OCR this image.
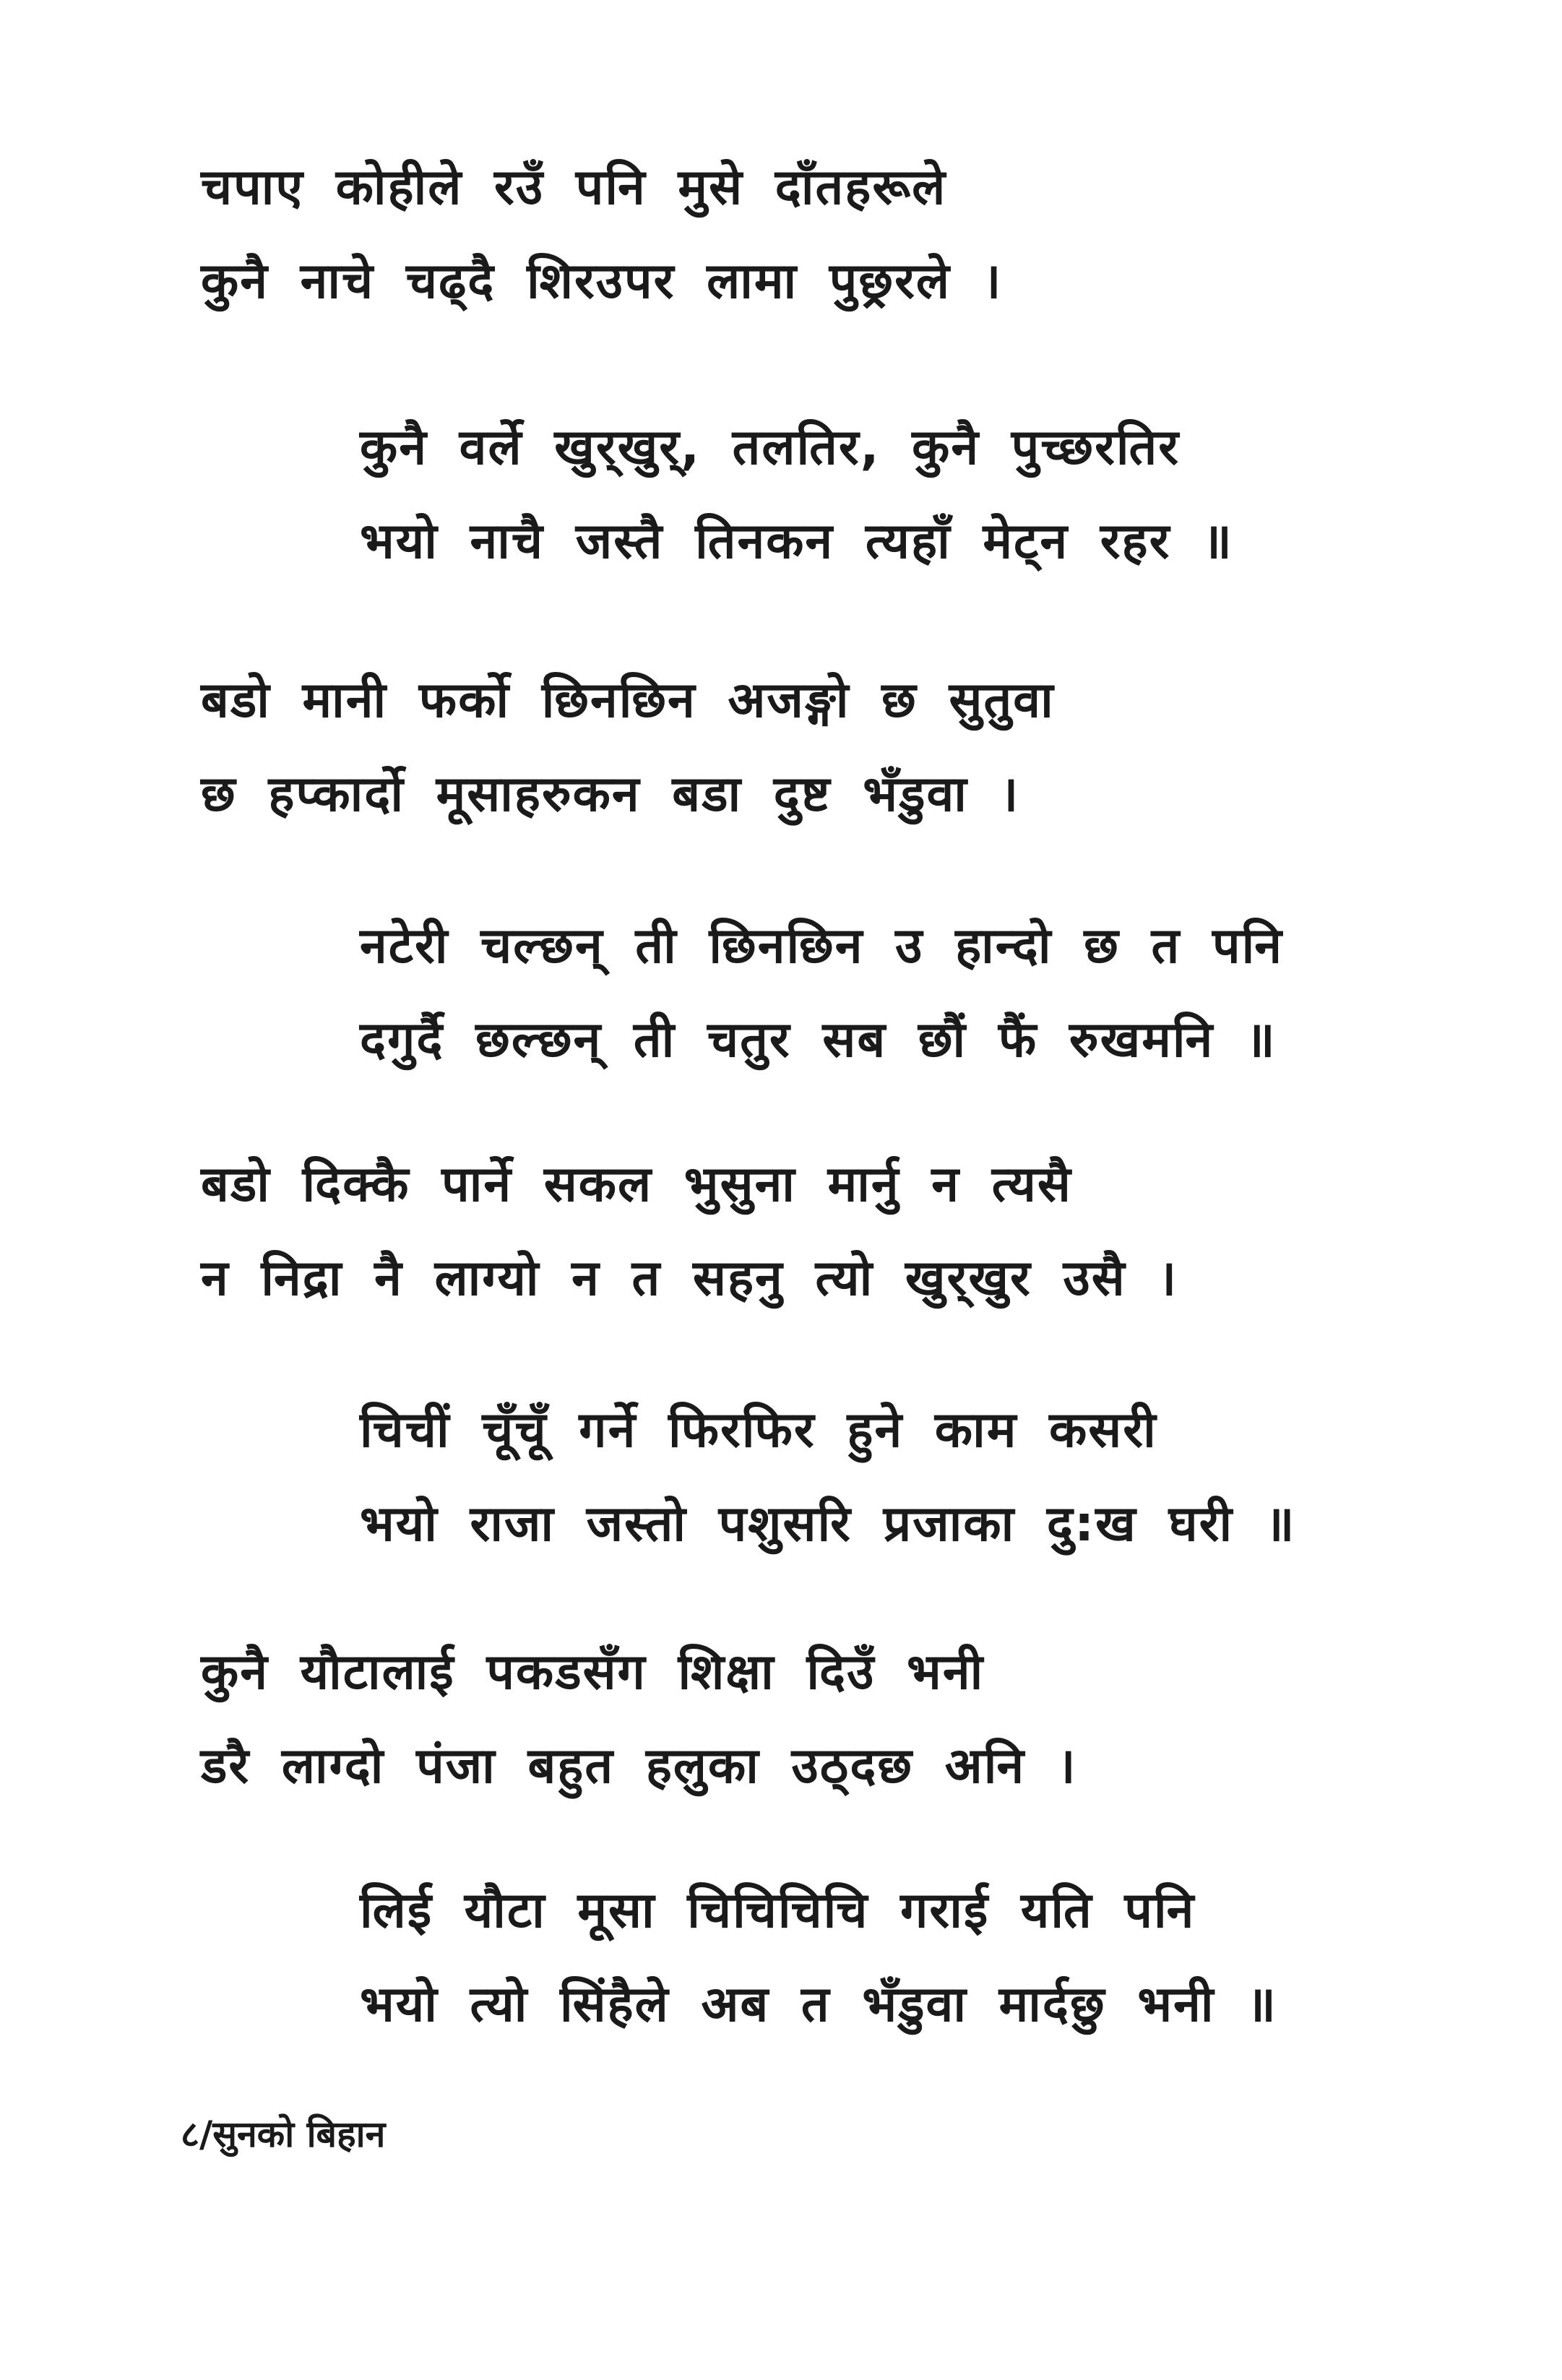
चपाए कोहीले रउँ पनि मुसे दाँतहरूले
कुनै नाचे चढ्दै शिरउपर लामा पुछ्ररले ।
कुनै वर्ले खुर्‌खुर्‌, तलतिर, कुनै पुच्छरतिर
भयो नाचै जस्तै तिनकन त्यहाँ मेट्‌न रहर ॥
बडो मानी फर्को छिनछिन अजङ्गो छ सुतुवा
छ हप्कार्दो मूसाहरुकन बडा दुष्ट भँडुवा ।
नटेरी चल्छन्‌ ती छिनछिन उ हान्दो छ त पनि
दगुर्दै छल्छन्‌ ती चतुर सब छौं फैं रुखमनि ॥
बडो दिक्कै पार्ने सकल भुसुना मार्नु न त्यसै
न निद्रा नै लाग्यो न त सहनु त्यो खुर्‌खुर उसै ।
चिचीं चूँचूँ गर्ने फिरफिर हुने काम कसरी
भयो राजा जस्तो पशुसरि प्रजाका दु:ख घरी ॥
कुनै यौटालाई पकडसँग शिक्षा दिउँ भनी
डरै लाग्दो पंजा बहुत हलुका उठ्दछ अनि ।
लिई यौटा मूसा चिचिचिचि गराई यति पनि
भयो त्यो सिंहैले अब त भँडुवा मार्दछु भनी ॥
८/सुनको बिहान
